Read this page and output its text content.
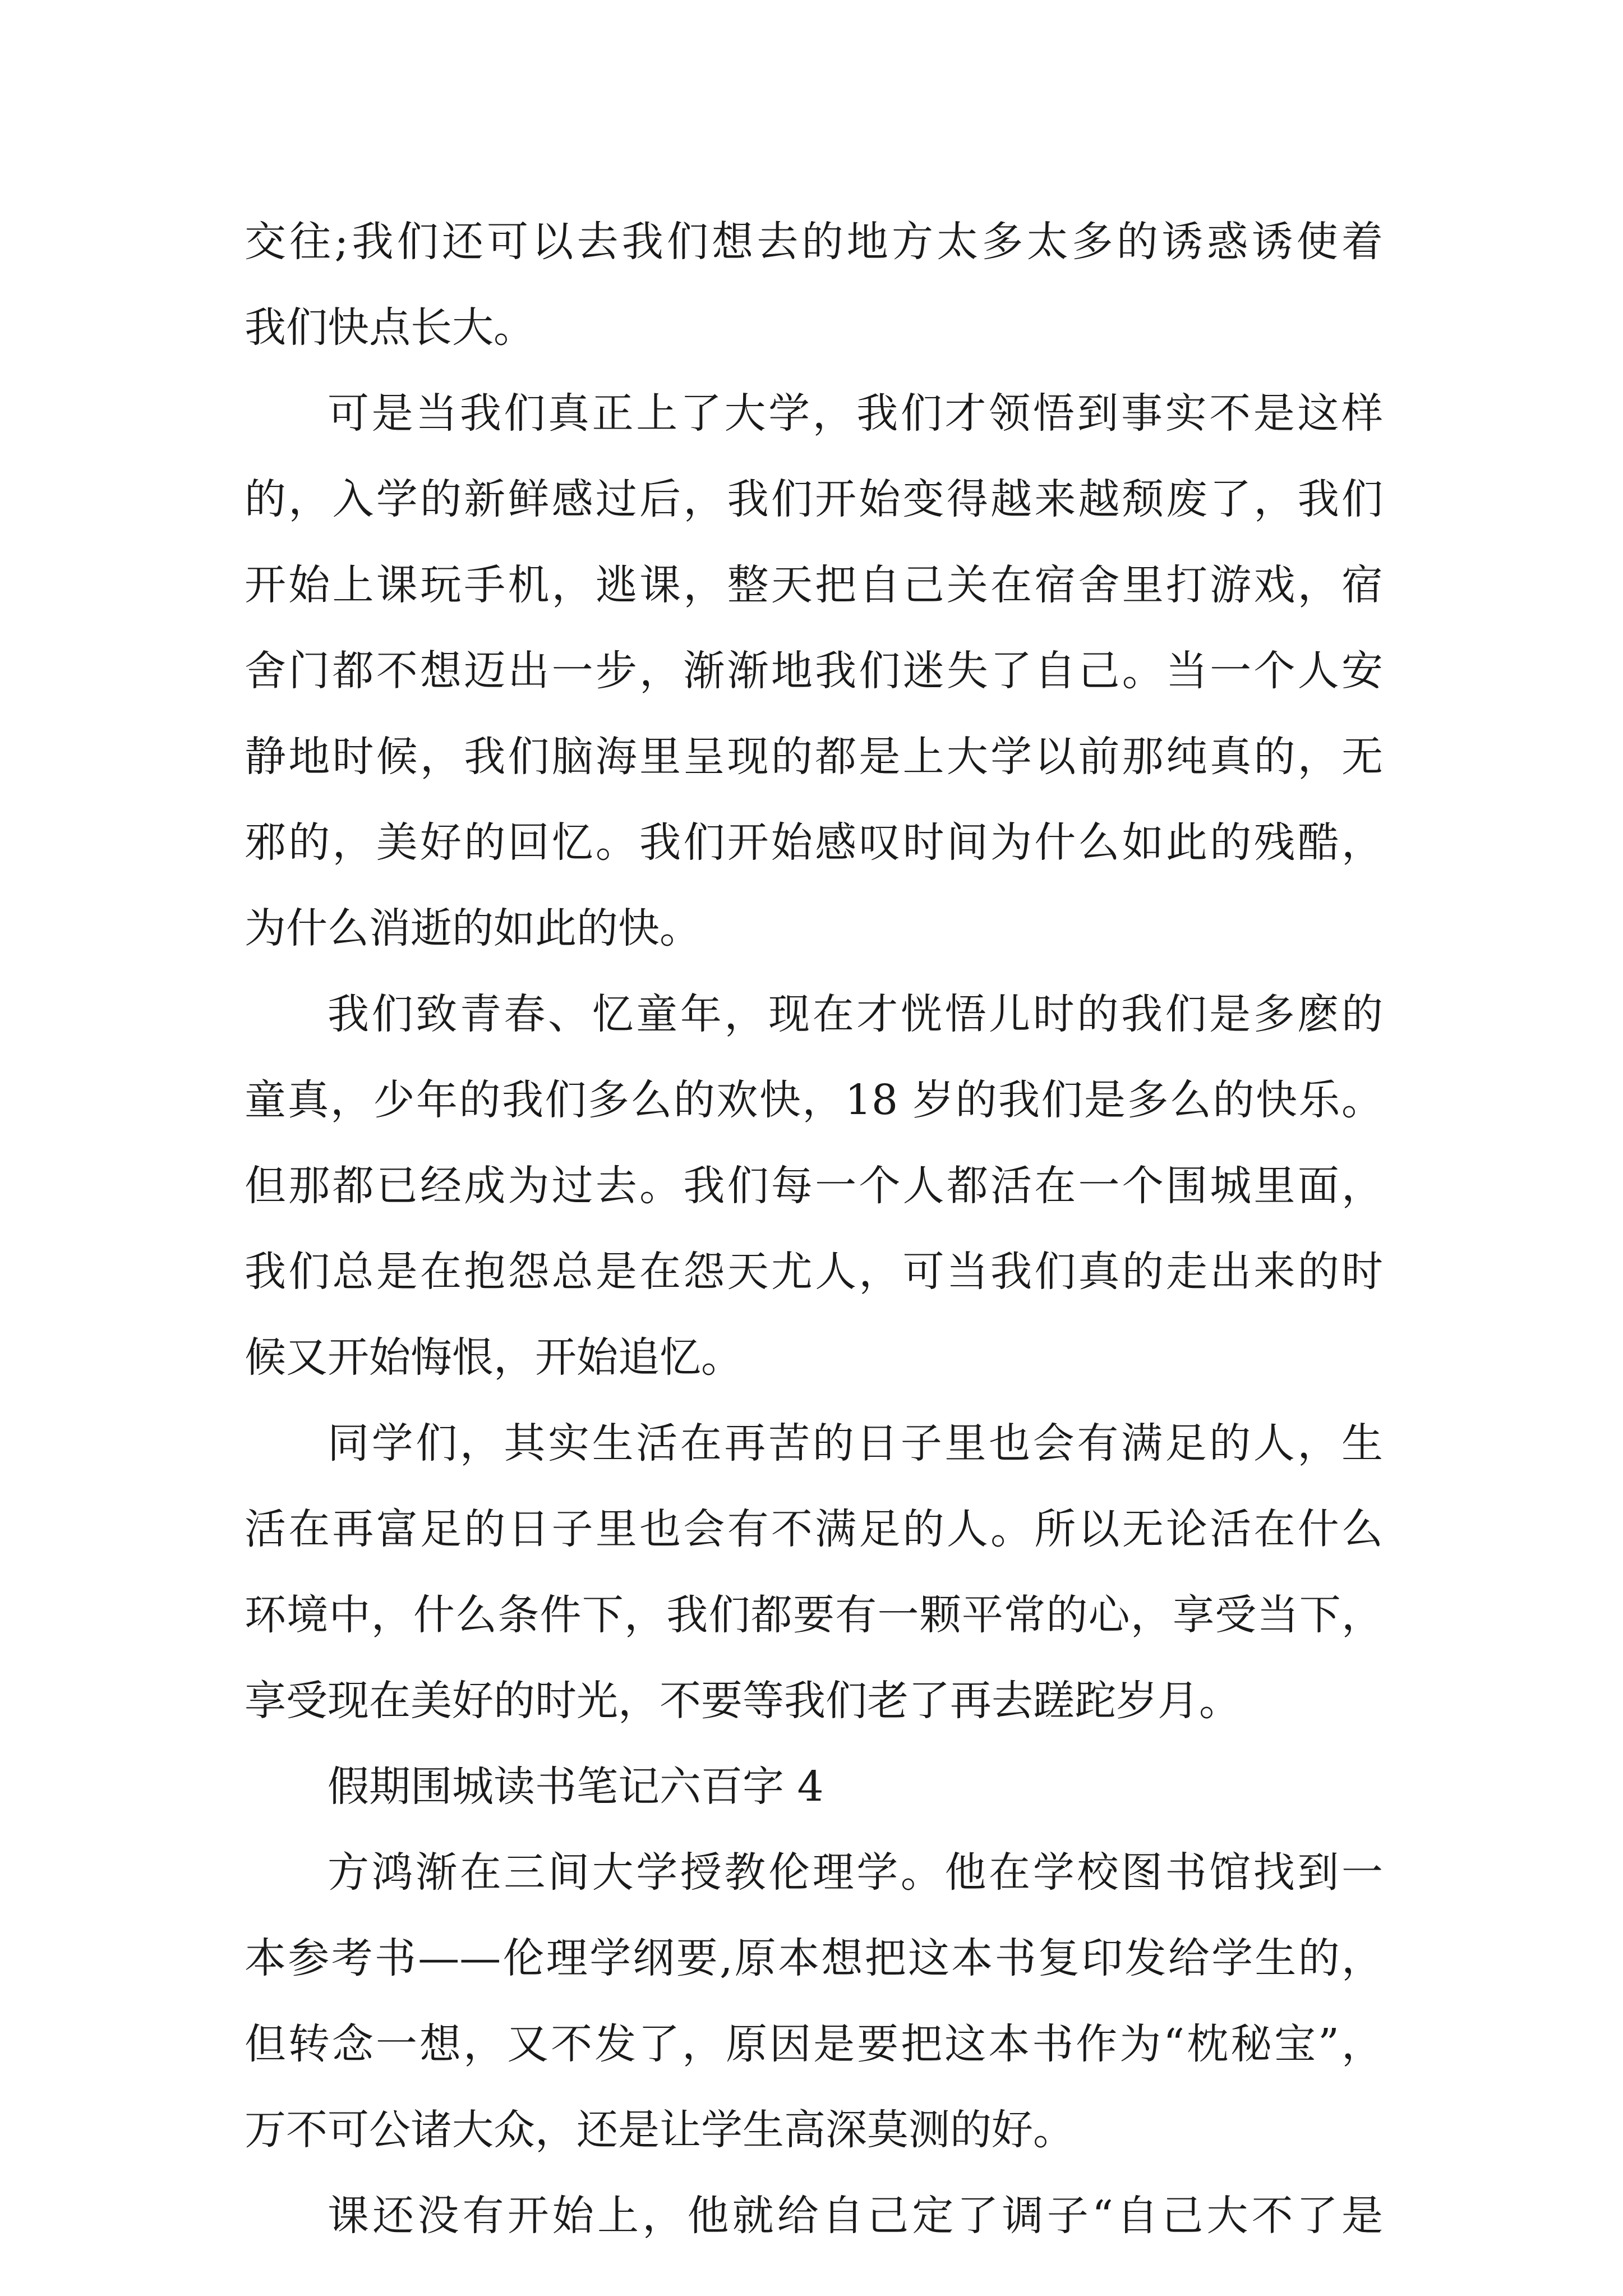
交往;我们还可以去我们想去的地方太多太多的诱惑诱使着
我们快点长大。
可是当我们真正上了大学，我们才领悟到事实不是这样
的，入学的新鲜感过后，我们开始变得越来越颓废了，我们
开始上课玩手机，逃课，整天把自己关在宿舍里打游戏，宿
舍门都不想迈出一步，渐渐地我们迷失了自己。当一个人安
静地时候，我们脑海里呈现的都是上大学以前那纯真的，无
邪的，美好的回忆。我们开始感叹时间为什么如此的残酷，
为什么消逝的如此的快。
我们致青春、忆童年，现在才恍悟儿时的我们是多麽的
童真，少年的我们多么的欢快，18 岁的我们是多么的快乐。
但那都已经成为过去。我们每一个人都活在一个围城里面，
我们总是在抱怨总是在怨天尤人，可当我们真的走出来的时
候又开始悔恨，开始追忆。
同学们，其实生活在再苦的日子里也会有满足的人，生
活在再富足的日子里也会有不满足的人。所以无论活在什么
环境中，什么条件下，我们都要有一颗平常的心，享受当下，
享受现在美好的时光，不要等我们老了再去蹉跎岁月。
假期围城读书笔记六百字 4
方鸿渐在三间大学授教伦理学。他在学校图书馆找到一
本参考书——伦理学纲要,原本想把这本书复印发给学生的，
但转念一想，又不发了，原因是要把这本书作为“枕秘宝”，
万不可公诸大众，还是让学生高深莫测的好。
课还没有开始上，他就给自己定了调子“自己大不了是
